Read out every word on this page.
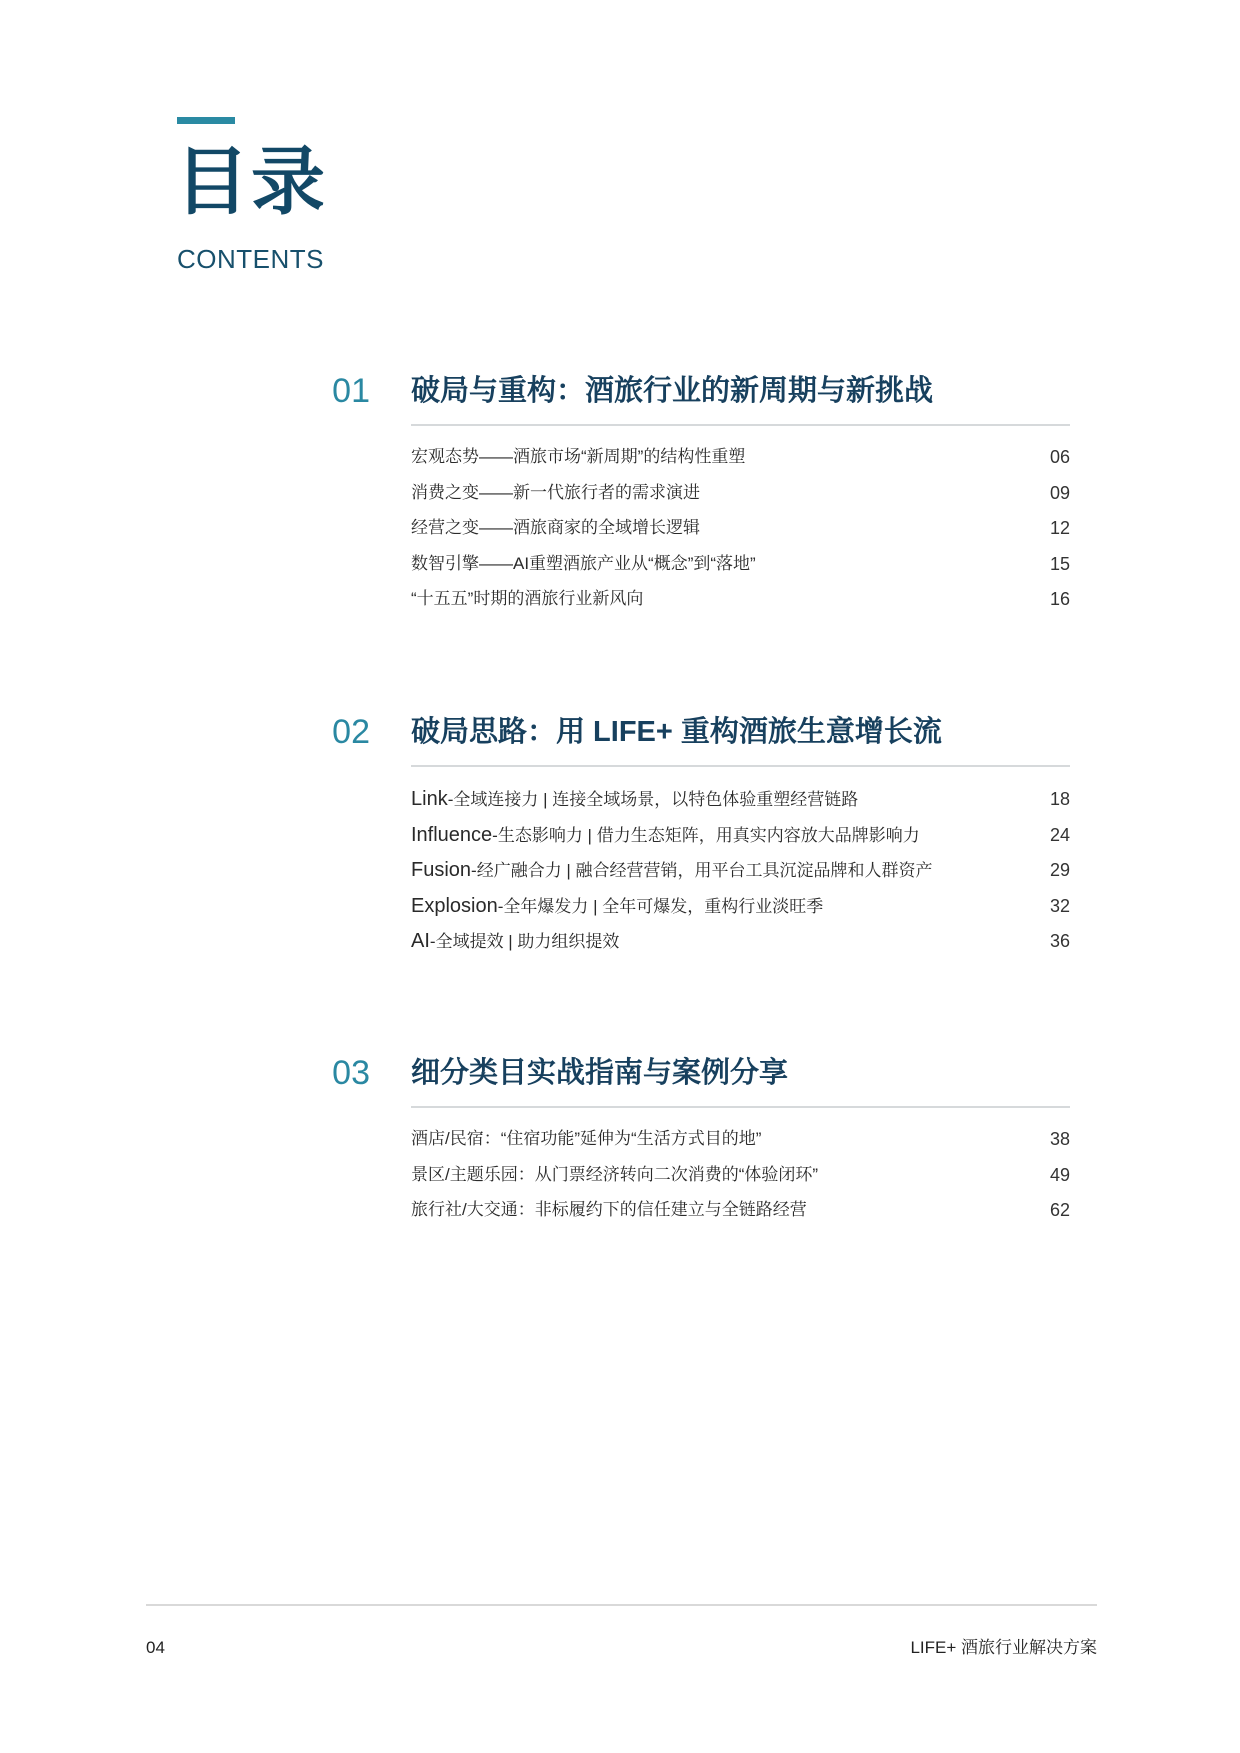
目录
CONTENTS
01 破局与重构：酒旅行业的新周期与新挑战
宏观态势——酒旅市场“新周期”的结构性重塑	06
消费之变——新一代旅行者的需求演进	09
经营之变——酒旅商家的全域增长逻辑	12
数智引擎——AI重塑酒旅产业从“概念”到“落地”	15
“十五五”时期的酒旅行业新风向	16
02 破局思路：用 LIFE+ 重构酒旅生意增长流
Link-全域连接力 | 连接全域场景，以特色体验重塑经营链路	18
Influence-生态影响力 | 借力生态矩阵，用真实内容放大品牌影响力	24
Fusion-经广融合力 | 融合经营营销，用平台工具沉淀品牌和人群资产	29
Explosion-全年爆发力 | 全年可爆发，重构行业淡旺季	32
AI-全域提效 | 助力组织提效	36
03 细分类目实战指南与案例分享
酒店/民宿：“住宿功能”延伸为“生活方式目的地”	38
景区/主题乐园：从门票经济转向二次消费的“体验闭环”	49
旅行社/大交通：非标履约下的信任建立与全链路经营	62
04	LIFE+ 酒旅行业解决方案
